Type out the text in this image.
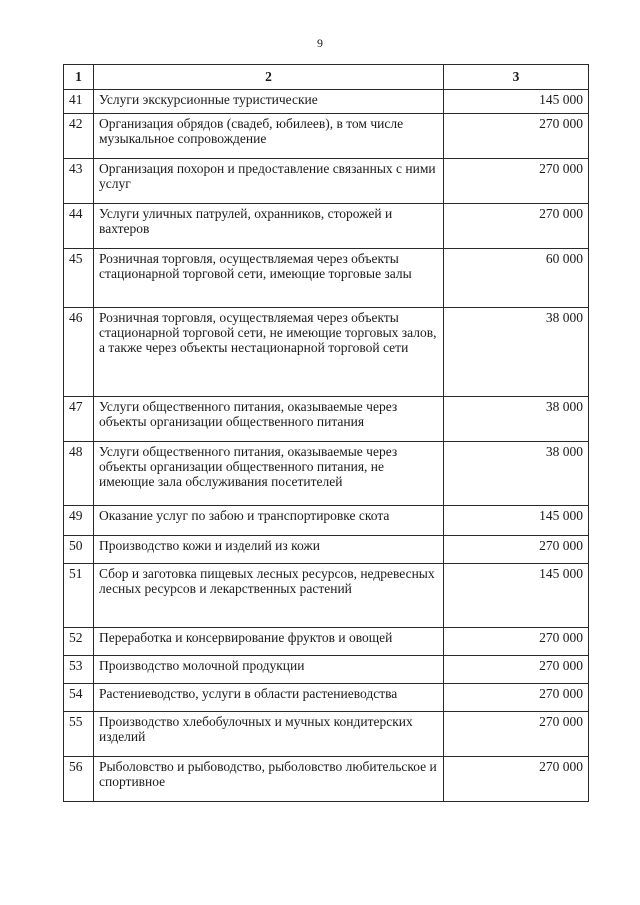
9
1	2	3
41	Услуги экскурсионные туристические	145 000
42	Организация обрядов (свадеб, юбилеев), в том числе музыкальное сопровождение	270 000
43	Организация похорон и предоставление связанных с ними услуг	270 000
44	Услуги уличных патрулей, охранников, сторожей и вахтеров	270 000
45	Розничная торговля, осуществляемая через объекты стационарной торговой сети, имеющие торговые залы	60 000
46	Розничная торговля, осуществляемая через объекты стационарной торговой сети, не имеющие торговых залов, а также через объекты нестационарной торговой сети	38 000
47	Услуги общественного питания, оказываемые через объекты организации общественного питания	38 000
48	Услуги общественного питания, оказываемые через объекты организации общественного питания, не имеющие зала обслуживания посетителей	38 000
49	Оказание услуг по забою и транспортировке скота	145 000
50	Производство кожи и изделий из кожи	270 000
51	Сбор и заготовка пищевых лесных ресурсов, недревесных лесных ресурсов и лекарственных растений	145 000
52	Переработка и консервирование фруктов и овощей	270 000
53	Производство молочной продукции	270 000
54	Растениеводство, услуги в области растениеводства	270 000
55	Производство хлебобулочных и мучных кондитерских изделий	270 000
56	Рыболовство и рыбоводство, рыболовство любительское и спортивное	270 000
